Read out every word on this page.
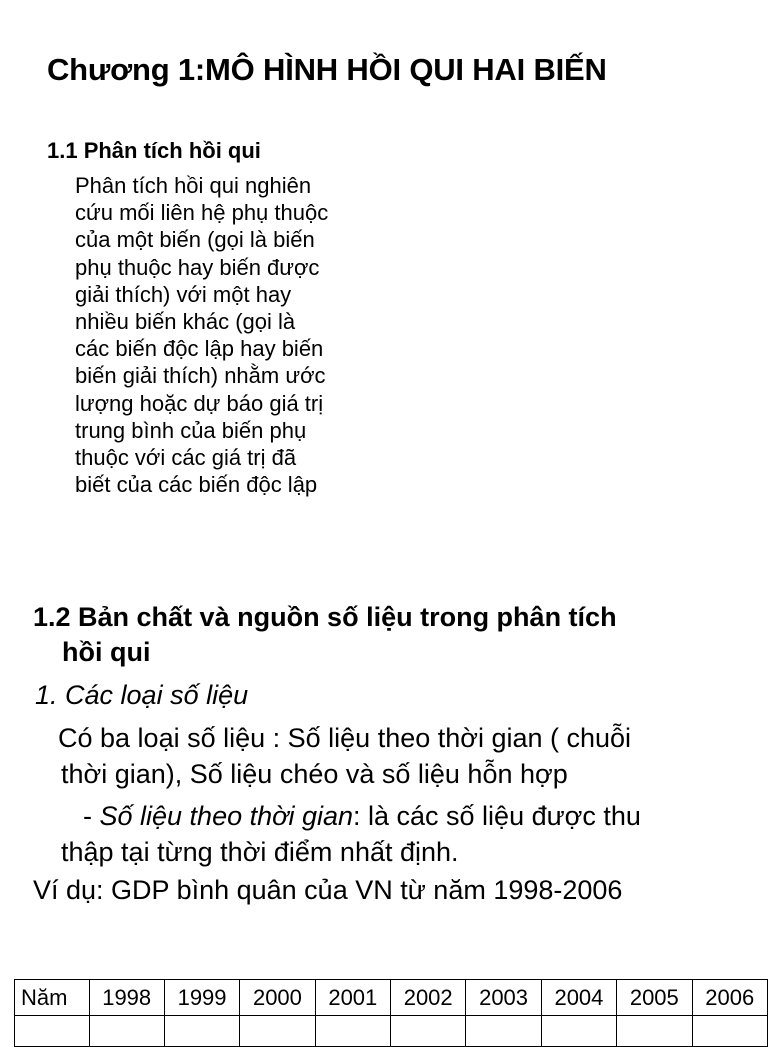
Chương 1:MÔ HÌNH HỒI QUI HAI BIẾN
1.1 Phân tích hồi qui
Phân tích hồi qui nghiên
cứu mối liên hệ phụ thuộc
của một biến (gọi là biến
phụ thuộc hay biến được
giải thích) với một hay
nhiều biến khác (gọi là
các biến độc lập hay biến
biến giải thích) nhằm ước
lượng hoặc dự báo giá trị
trung bình của biến phụ
thuộc với các giá trị đã
biết của các biến độc lập
1.2 Bản chất và nguồn số liệu trong phân tích
hồi qui
1. Các loại số liệu
Có ba loại số liệu : Số liệu theo thời gian ( chuỗi
thời gian), Số liệu chéo và số liệu hỗn hợp
- Số liệu theo thời gian: là các số liệu được thu
thập tại từng thời điểm nhất định.
Ví dụ: GDP bình quân của VN từ năm 1998-2006
Năm	1998	1999	2000	2001	2002	2003	2004	2005	2006
